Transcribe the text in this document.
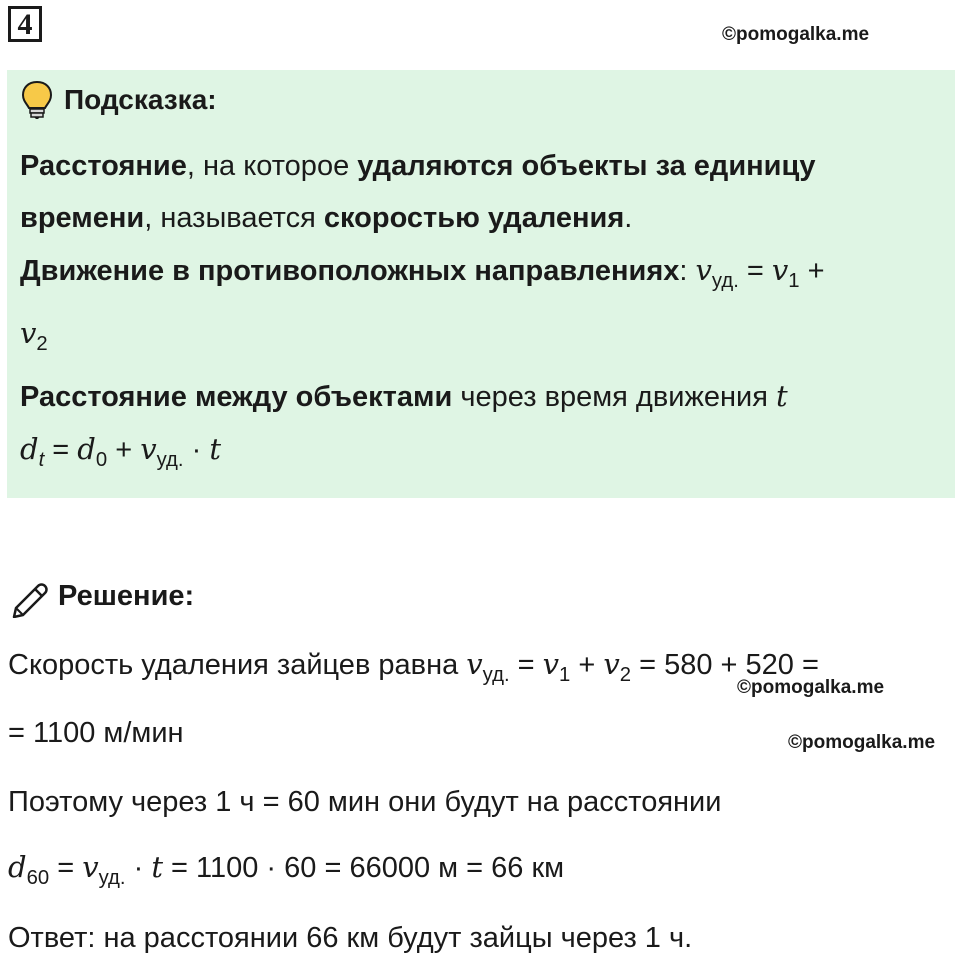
4	©pomogalka.me
Подсказка:

Расстояние, на которое удаляются объекты за единицу времени, называется скоростью удаления.

Движение в противоположных направлениях: $v_{уд.} = v_1$ +
$v_2$

Расстояние между объектами через время движения t

$d_t = d_0 + v_{уд.} \cdot t$

Решение:
Скорость удаления зайцев равна $v_{уд.} = v_1 + v_2 = 580 + 520$ =
©pomogalka.me
= 1100 м/мин	©pomogalka.me
Поэтому через 1 ч = 60 мин они будут на расстоянии
$d_{60} = v_{уд.} \cdot t = 1100 \cdot 60 = 66000$ м = 66 км
Ответ: на расстоянии 66 км будут зайцы через 1 ч.
